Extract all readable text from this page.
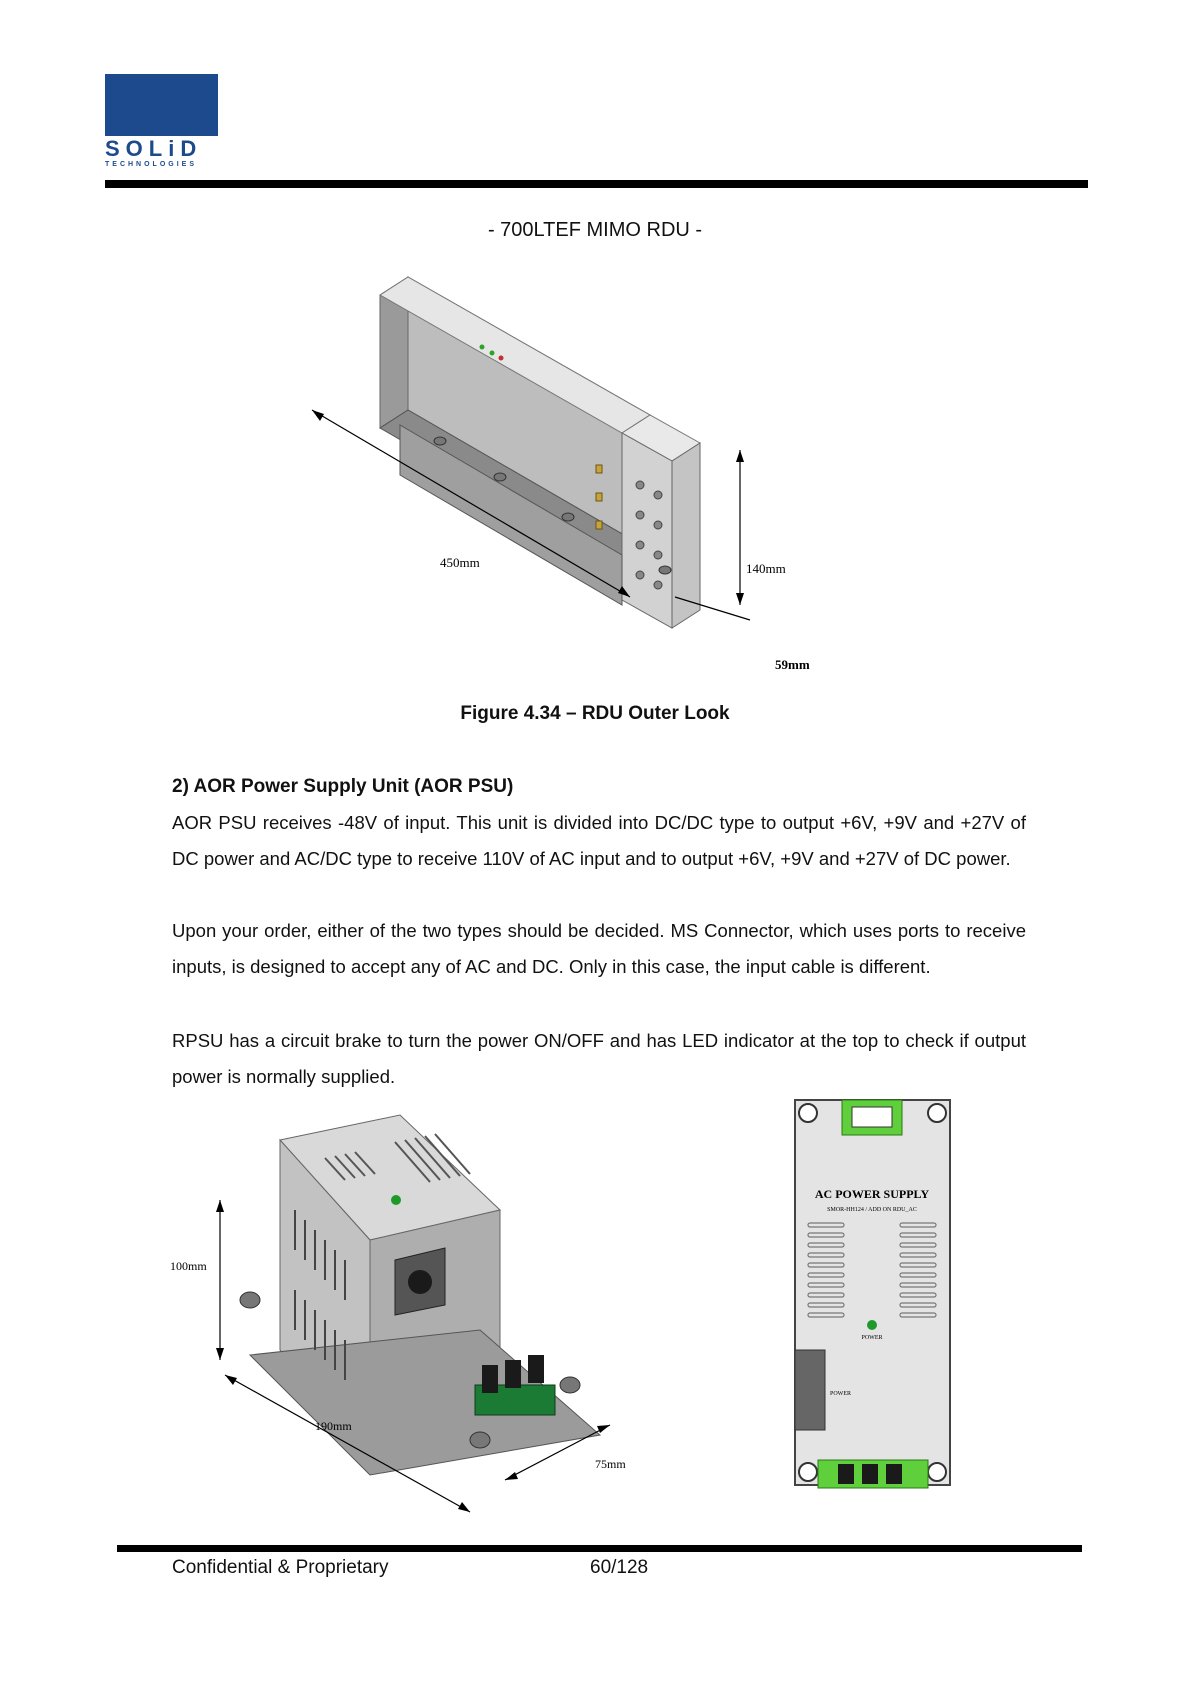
SOLiD
TECHNOLOGIES
- 700LTEF MIMO RDU -
450mm	140mm
59mm
Figure 4.34 – RDU Outer Look
2) AOR Power Supply Unit (AOR PSU)
AOR PSU receives -48V of input. This unit is divided into DC/DC type to output +6V, +9V and +27V of DC power and AC/DC type to receive 110V of AC input and to output +6V, +9V and +27V of DC power.
Upon your order, either of the two types should be decided. MS Connector, which uses ports to receive inputs, is designed to accept any of AC and DC. Only in this case, the input cable is different.
RPSU has a circuit brake to turn the power ON/OFF and has LED indicator at the top to check if output power is normally supplied.
100mm
190mm
75mm
AC POWER SUPPLY
SMOR-HH124 / ADD ON RDU_AC
POWER
POWER
Confidential & Proprietary	60/128
